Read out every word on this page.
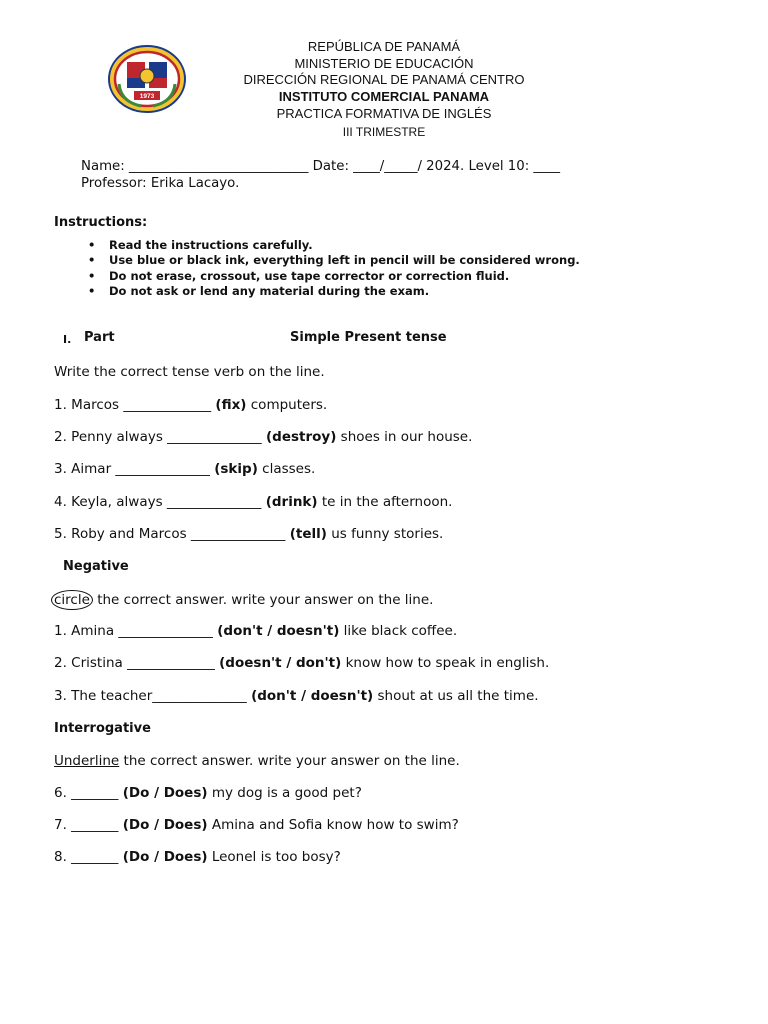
1973
REPÚBLICA DE PANAMÁ
MINISTERIO DE EDUCACIÓN
DIRECCIÓN REGIONAL DE PANAMÁ CENTRO
INSTITUTO COMERCIAL PANAMA
PRACTICA FORMATIVA DE INGLÉS
III TRIMESTRE
Name: ___________________________ Date: ____/_____/ 2024. Level 10: ____
Professor: Erika Lacayo.
Instructions:
• Read the instructions carefully.
• Use blue or black ink, everything left in pencil will be considered wrong.
• Do not erase, crossout, use tape corrector or correction fluid.
• Do not ask or lend any material during the exam.
I. Part	Simple Present tense
Write the correct tense verb on the line.
1. Marcos _____________ (fix) computers.
2. Penny always ______________ (destroy) shoes in our house.
3. Aimar ______________ (skip) classes.
4. Keyla, always ______________ (drink) te in the afternoon.
5. Roby and Marcos ______________ (tell) us funny stories.
Negative
circle the correct answer. write your answer on the line.
1. Amina ______________ (don't / doesn't) like black coffee.
2. Cristina _____________ (doesn't / don't) know how to speak in english.
3. The teacher______________ (don't / doesn't) shout at us all the time.
Interrogative
Underline the correct answer. write your answer on the line.
6. _______ (Do / Does) my dog is a good pet?
7. _______ (Do / Does) Amina and Sofia know how to swim?
8. _______ (Do / Does) Leonel is too bosy?
